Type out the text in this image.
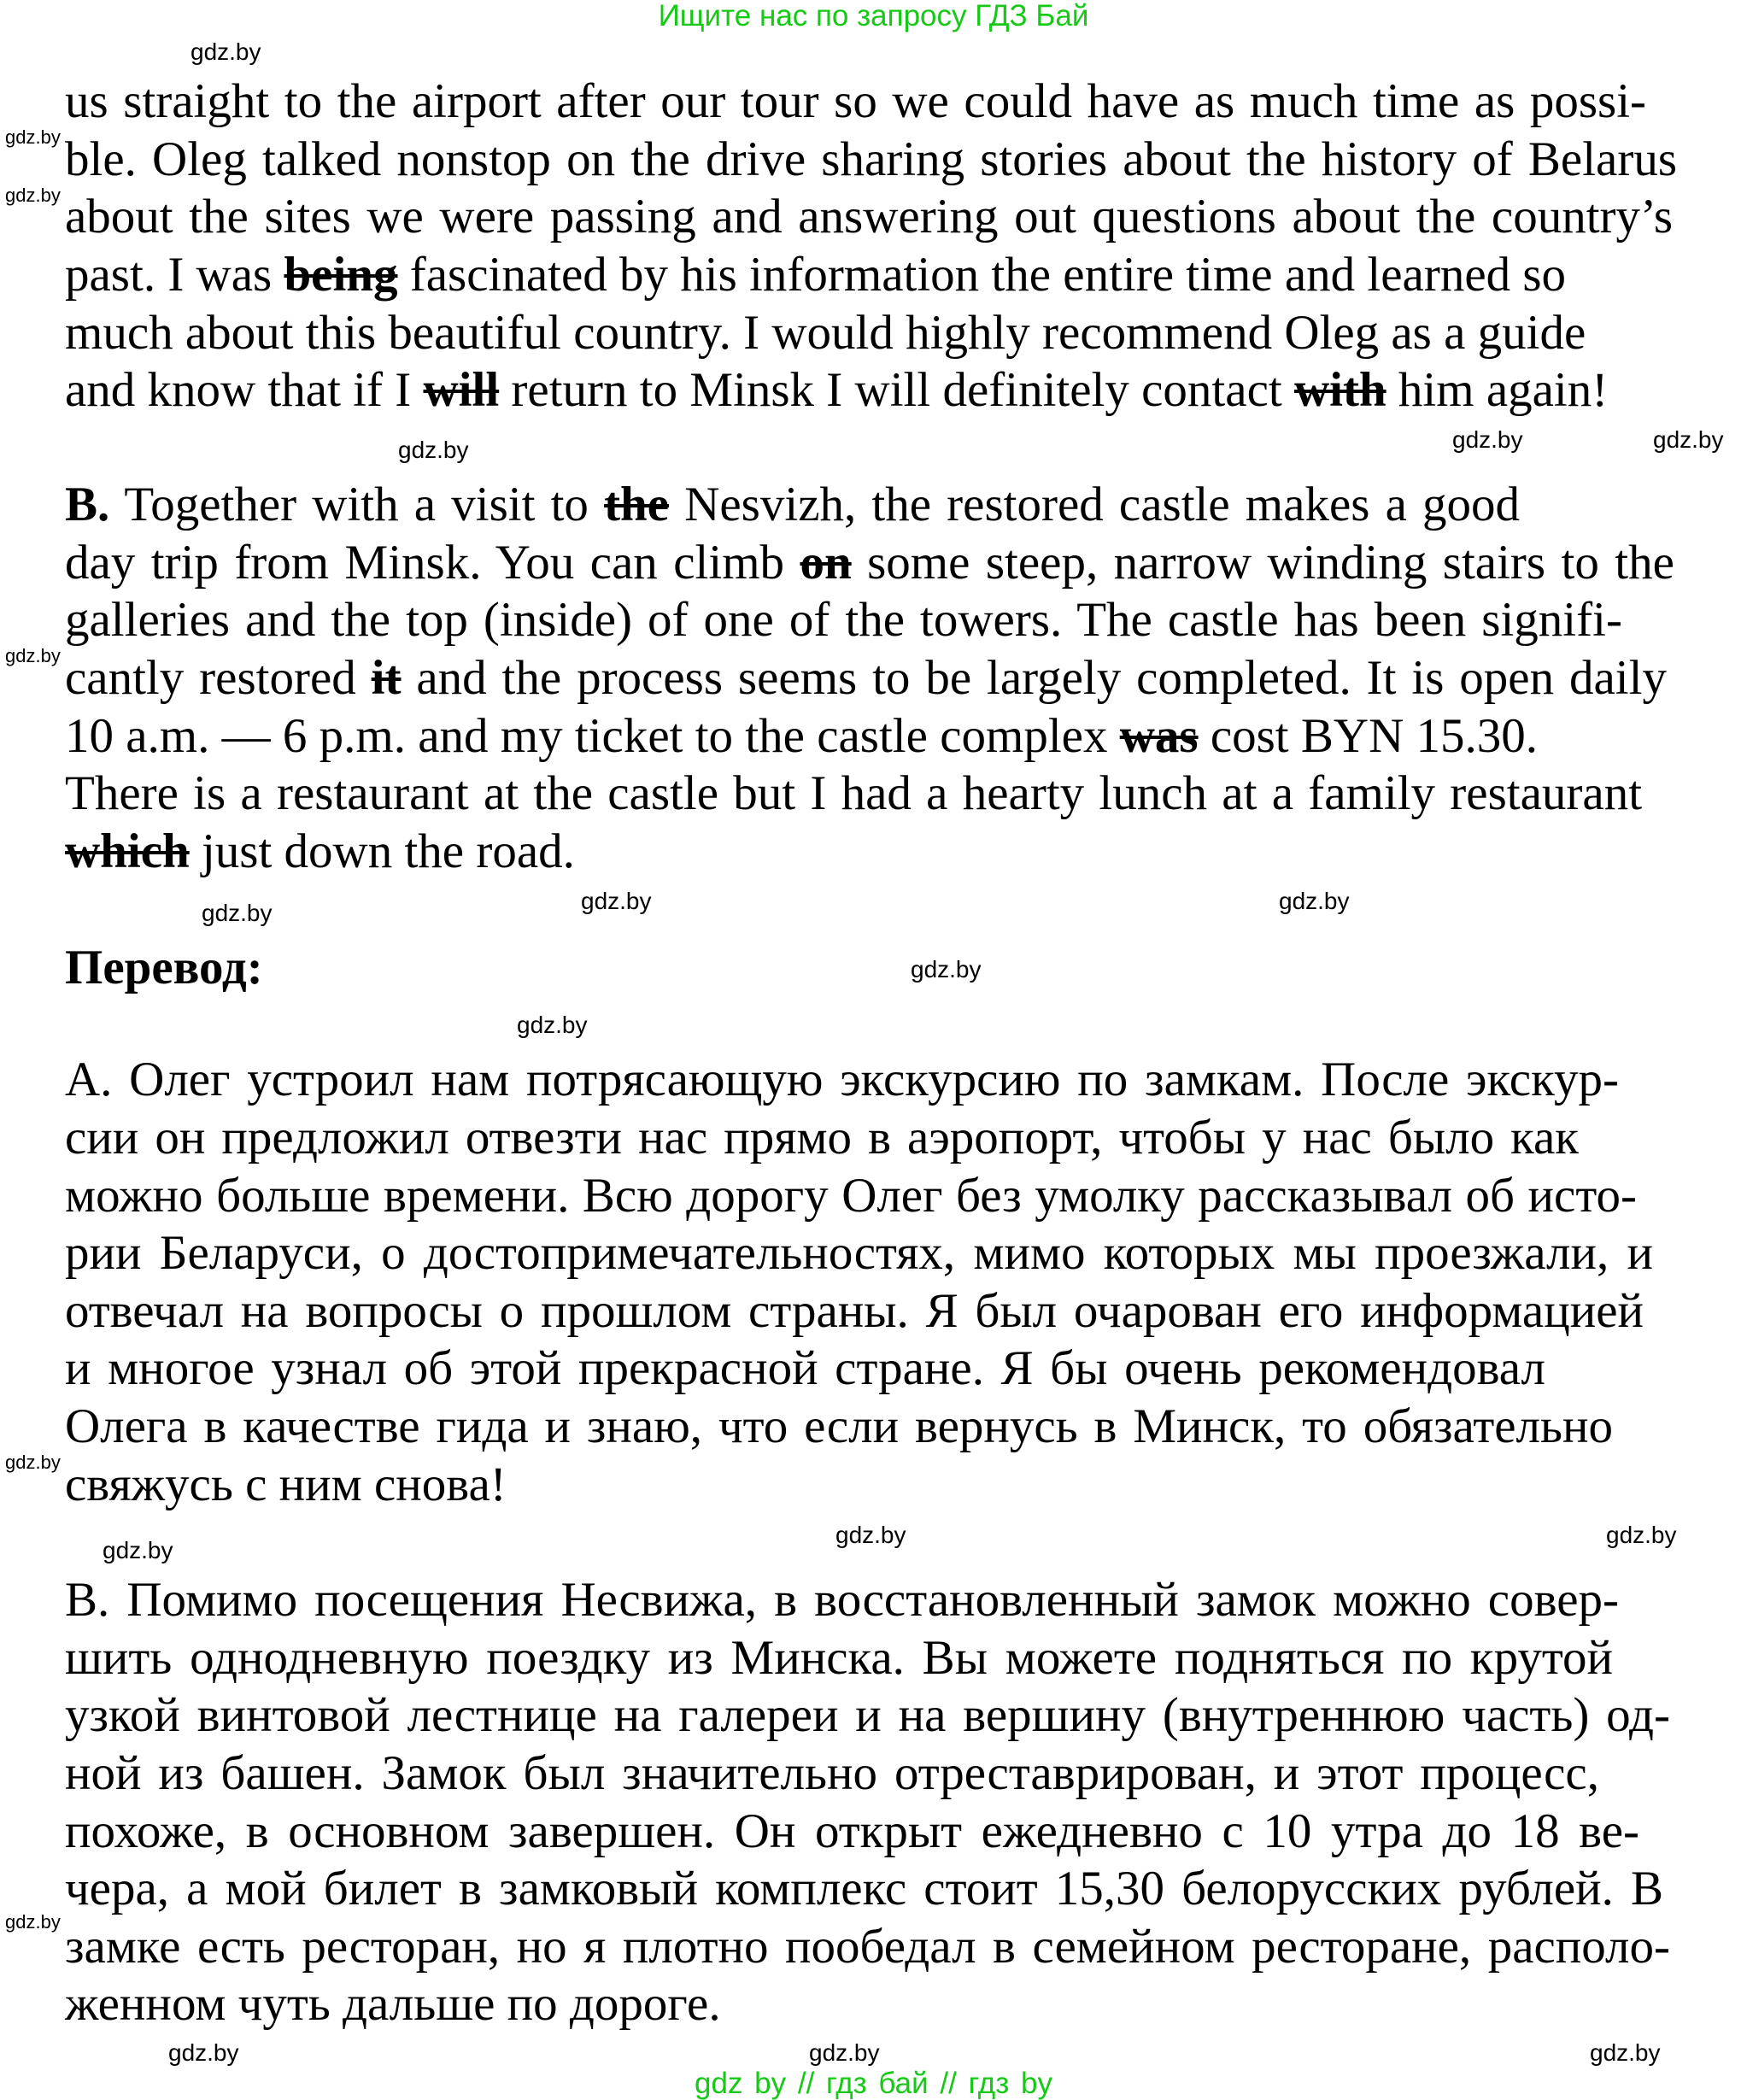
Ищите нас по запросу ГДЗ Бай
us straight to the airport after our tour so we could have as much time as possi-
ble. Oleg talked nonstop on the drive sharing stories about the history of Belarus
about the sites we were passing and answering out questions about the country’s
past. I was being fascinated by his information the entire time and learned so
much about this beautiful country. I would highly recommend Oleg as a guide
and know that if I will return to Minsk I will definitely contact with him again!
B. Together with a visit to the Nesvizh, the restored castle makes a good
day trip from Minsk. You can climb on some steep, narrow winding stairs to the
galleries and the top (inside) of one of the towers. The castle has been signifi-
cantly restored it and the process seems to be largely completed. It is open daily
10 a.m. — 6 p.m. and my ticket to the castle complex was cost BYN 15.30.
There is a restaurant at the castle but I had a hearty lunch at a family restaurant
which just down the road.
А. Олег устроил нам потрясающую экскурсию по замкам. После экскур-
сии он предложил отвезти нас прямо в аэропорт, чтобы у нас было как
можно больше времени. Всю дорогу Олег без умолку рассказывал об исто-
рии Беларуси, о достопримечательностях, мимо которых мы проезжали, и
отвечал на вопросы о прошлом страны. Я был очарован его информацией
и многое узнал об этой прекрасной стране. Я бы очень рекомендовал
Олега в качестве гида и знаю, что если вернусь в Минск, то обязательно
свяжусь с ним снова!
В. Помимо посещения Несвижа, в восстановленный замок можно совер-
шить однодневную поездку из Минска. Вы можете подняться по крутой
узкой винтовой лестнице на галереи и на вершину (внутреннюю часть) од-
ной из башен. Замок был значительно отреставрирован, и этот процесс,
похоже, в основном завершен. Он открыт ежедневно с 10 утра до 18 ве-
чера, а мой билет в замковый комплекс стоит 15,30 белорусских рублей. В
замке есть ресторан, но я плотно пообедал в семейном ресторане, располо-
женном чуть дальше по дороге.
Перевод:
gdz.by
gdz.by
gdz.by
gdz.by	gdz.by
gdz.by
gdz.by
gdz.by	gdz.by
gdz.by
gdz.by
gdz.by
gdz.by
gdz.by
gdz.by
gdz.by
gdz.by
gdz.by
gdz.by
gdz.by
gdz by // гдз бай // гдз by
